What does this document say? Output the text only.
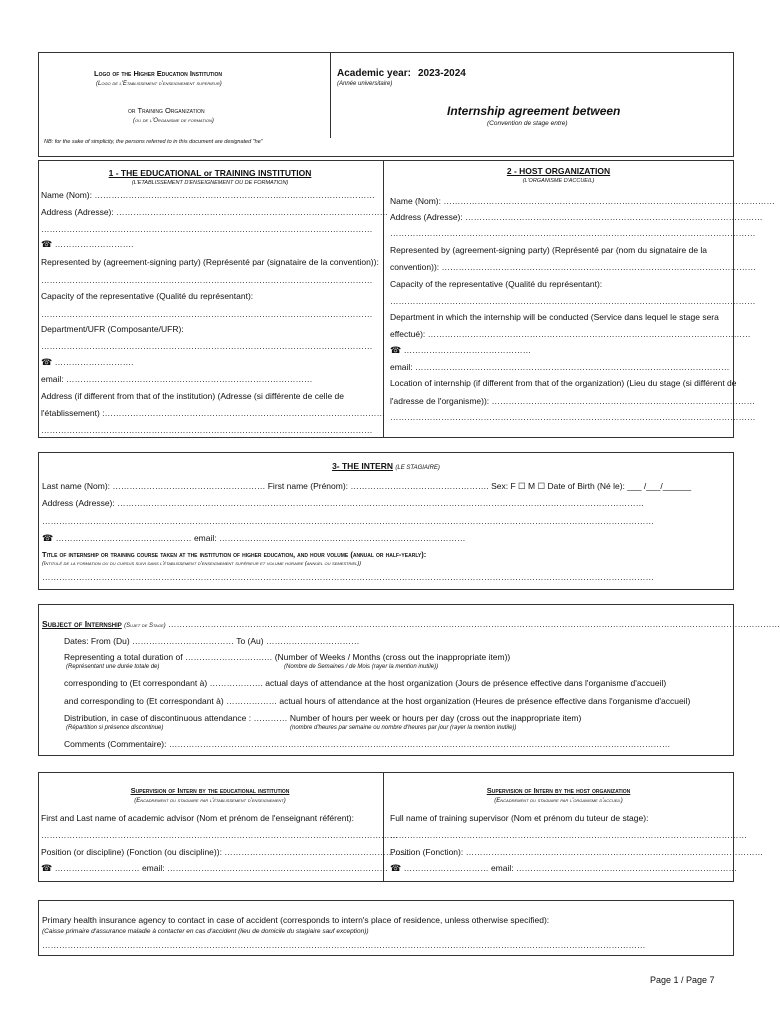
Logo of the Higher Education Institution
(Logo de l'Etablissement d'enseignement superieur)
or Training Organization
(ou de l'Organisme de formation)
NB: for the sake of simplicity, the persons referred to in this document are designated "he"
Academic year: 2023-2024
(Année universitaire)
Internship agreement between
(Convention de stage entre)
1 - THE EDUCATIONAL or TRAINING INSTITUTION
(L'ETABLISSEMENT D'ENSEIGNEMENT OU DE FORMATION)
Name (Nom): ………………………………………………………………………………………
Address (Adresse): ……………………………………………………………………………………
………………………………………………………………………………………………………
☎ ……………………….
Represented by (agreement-signing party) (Représenté par (signataire de la convention)):
………………………………………………………………………………………………………
Capacity of the representative (Qualité du représentant):
………………………………………………………………………………………………………
Department/UFR (Composante/UFR):
………………………………………………………………………………………………………
☎ ……………………….
email: ……………………………………………………………………………
Address (if different from that of the institution) (Adresse (si différente de celle de
l'établissement) :………………………………………………………………………………………
………………………………………………………………………………………………………
2 - HOST ORGANIZATION
(L'ORGANISME D'ACCUEIL)
Name (Nom): ………………………………………………………………………………………………………
Address (Adresse): ……………………………………………………………………………………………
…………………………………………………………………………………………………………………
Represented by (agreement-signing party) (Représenté par (nom du signataire de la
convention)): …………………………………………………………………………………………………
Capacity of the representative (Qualité du représentant):
…………………………………………………………………………………………………………………
Department in which the internship will be conducted (Service dans lequel le stage sera
effectué): ……………………………………………………………………………………………………
☎ ………………………………………
email: …………………………………………………………………………………………………
Location of internship (if different from that of the organization) (Lieu du stage (si différent de
l'adresse de l'organisme)): …………………………………………………………………………………
…………………………………………………………………………………………………………………
3- THE INTERN (LE STAGIAIRE)
Last name (Nom): ……………………………………………… First name (Prénom): …………………………………………. Sex: F ☐ M ☐ Date of Birth (Né le): ___ /___/______
Address (Adresse): ……………………………………………………………………………………………………………………………………………………………………
………………………………………………………………………………………………………………………………………………………………………………………………
☎ ………………………………………… email: ……………………………………………………………………………
Title of internship or training course taken at the institution of higher education, and hour volume (annual or half-yearly):
(Intitulé de la formation ou du cursus suivi dans l'établissement d'enseignement supérieur et volume horaire (annuel ou semestriel))
………………………………………………………………………………………………………………………………………………………………………………………………
Subject of Internship (Sujet de Stage) ………………………………………………………………………………………………………………………………………………………………………………………………
Dates: From (Du) ……………………………… To (Au) ……………………………
Representing a total duration of ……………………….… (Number of Weeks / Months (cross out the inappropriate item))
(Représentant une durée totale de)	(Nombre de Semaines / de Mois (rayer la mention inutile))
corresponding to (Et correspondant à) ………………. actual days of attendance at the host organization (Jours de présence effective dans l'organisme d'accueil)
and corresponding to (Et correspondant à) ……………… actual hours of attendance at the host organization (Heures de présence effective dans l'organisme d'accueil)
Distribution, in case of discontinuous attendance : ………… Number of hours per week or hours per day (cross out the inappropriate item)
(Répartition si présence discontinue)	(nombre d'heures par semaine ou nombre d'heures par jour (rayer la mention inutile))
Comments (Commentaire): ……………………………………………………………………………………………………………………………………………………………
Supervision of Intern by the educational institution
(Encadrement du stagiaire par l'établissement d'enseignement)
First and Last name of academic advisor (Nom et prénom de l'enseignant référent):
………………………………………………………………………………………………………………
Position (or discipline) (Fonction (ou discipline)): …………………………………………………………
☎ ………………………… email: ……………………………………………………………………
Supervision of Intern by the host organization
(Encadrement du stagiaire par l'organisme d'accueil)
Full name of training supervisor (Nom et prénom du tuteur de stage):
………………………………………………………………………………………………………………
Position (Fonction): ……………………………………………………………………………………………
☎ ………………………… email: ……………………………………………………………………
Primary health insurance agency to contact in case of accident (corresponds to intern's place of residence, unless otherwise specified):
(Caisse primaire d'assurance maladie à contacter en cas d'accident (lieu de domicile du stagiaire sauf exception))
……………………………………………………………………………………………………………………………………………………………………………………………
Page 1 / Page 7
